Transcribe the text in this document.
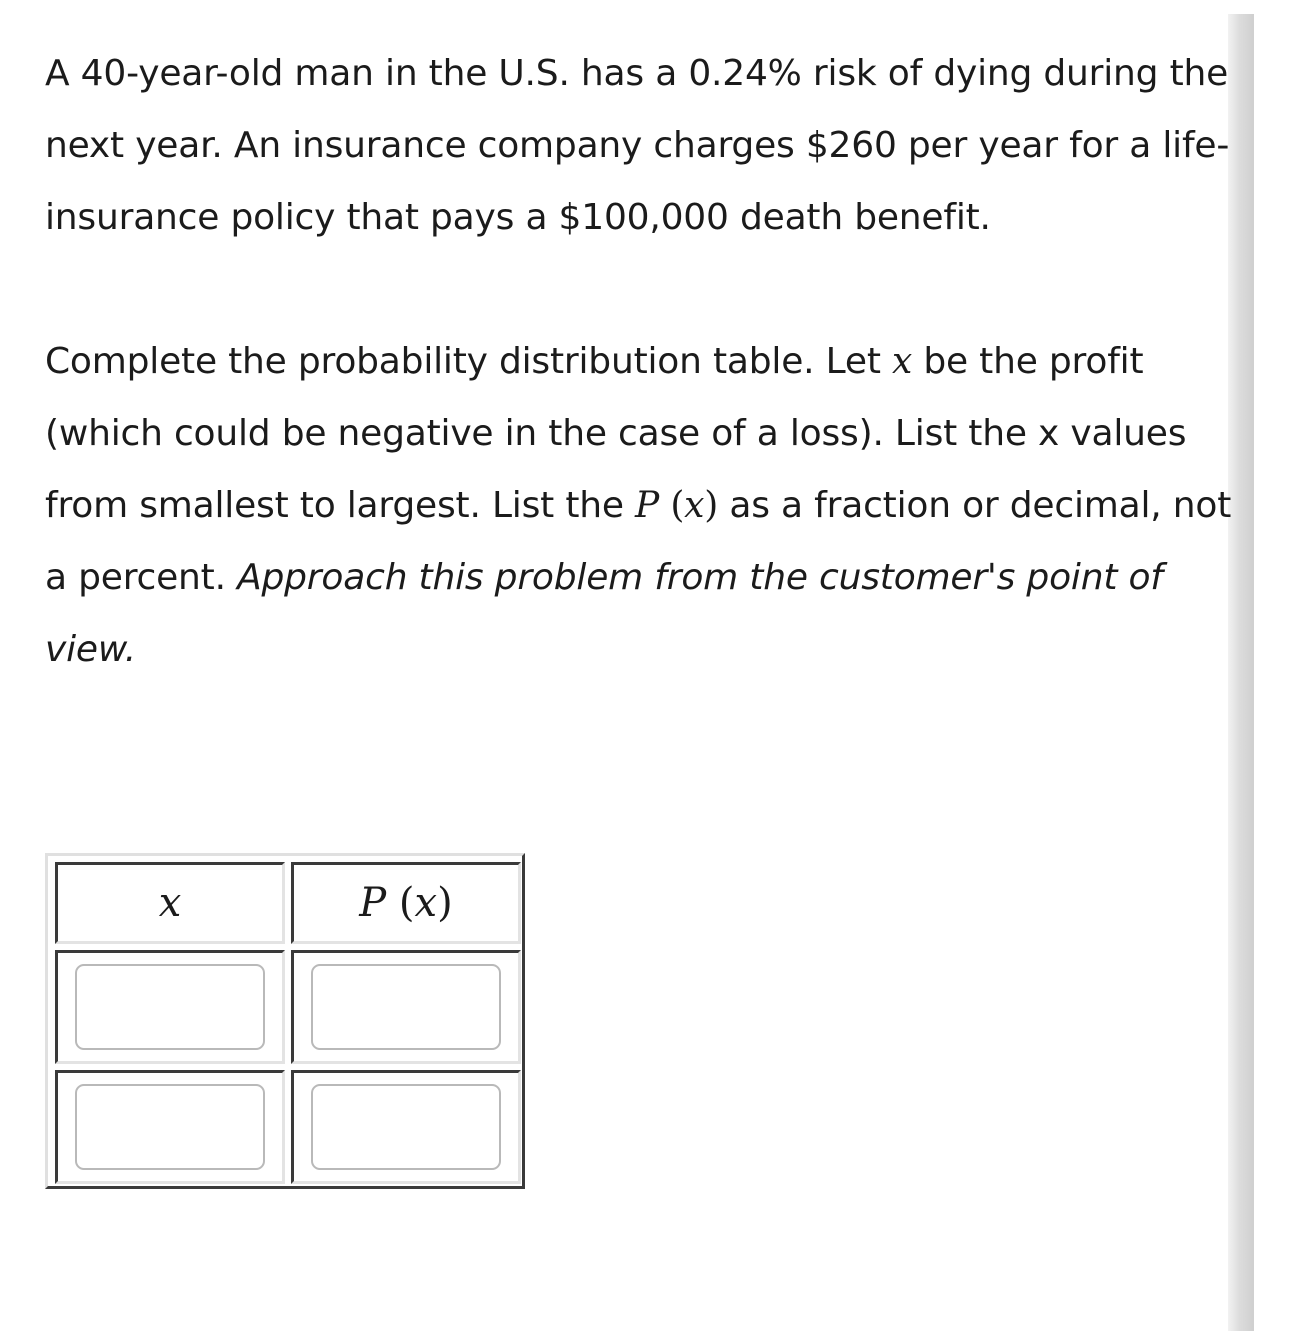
A 40-year-old man in the U.S. has a 0.24% risk of dying during the next year. An insurance company charges $260 per year for a life-insurance policy that pays a $100,000 death benefit.

Complete the probability distribution table. Let x be the profit (which could be negative in the case of a loss). List the x values from smallest to largest. List the P (x) as a fraction or decimal, not a percent. Approach this problem from the customer's point of view.

x	P (x)
